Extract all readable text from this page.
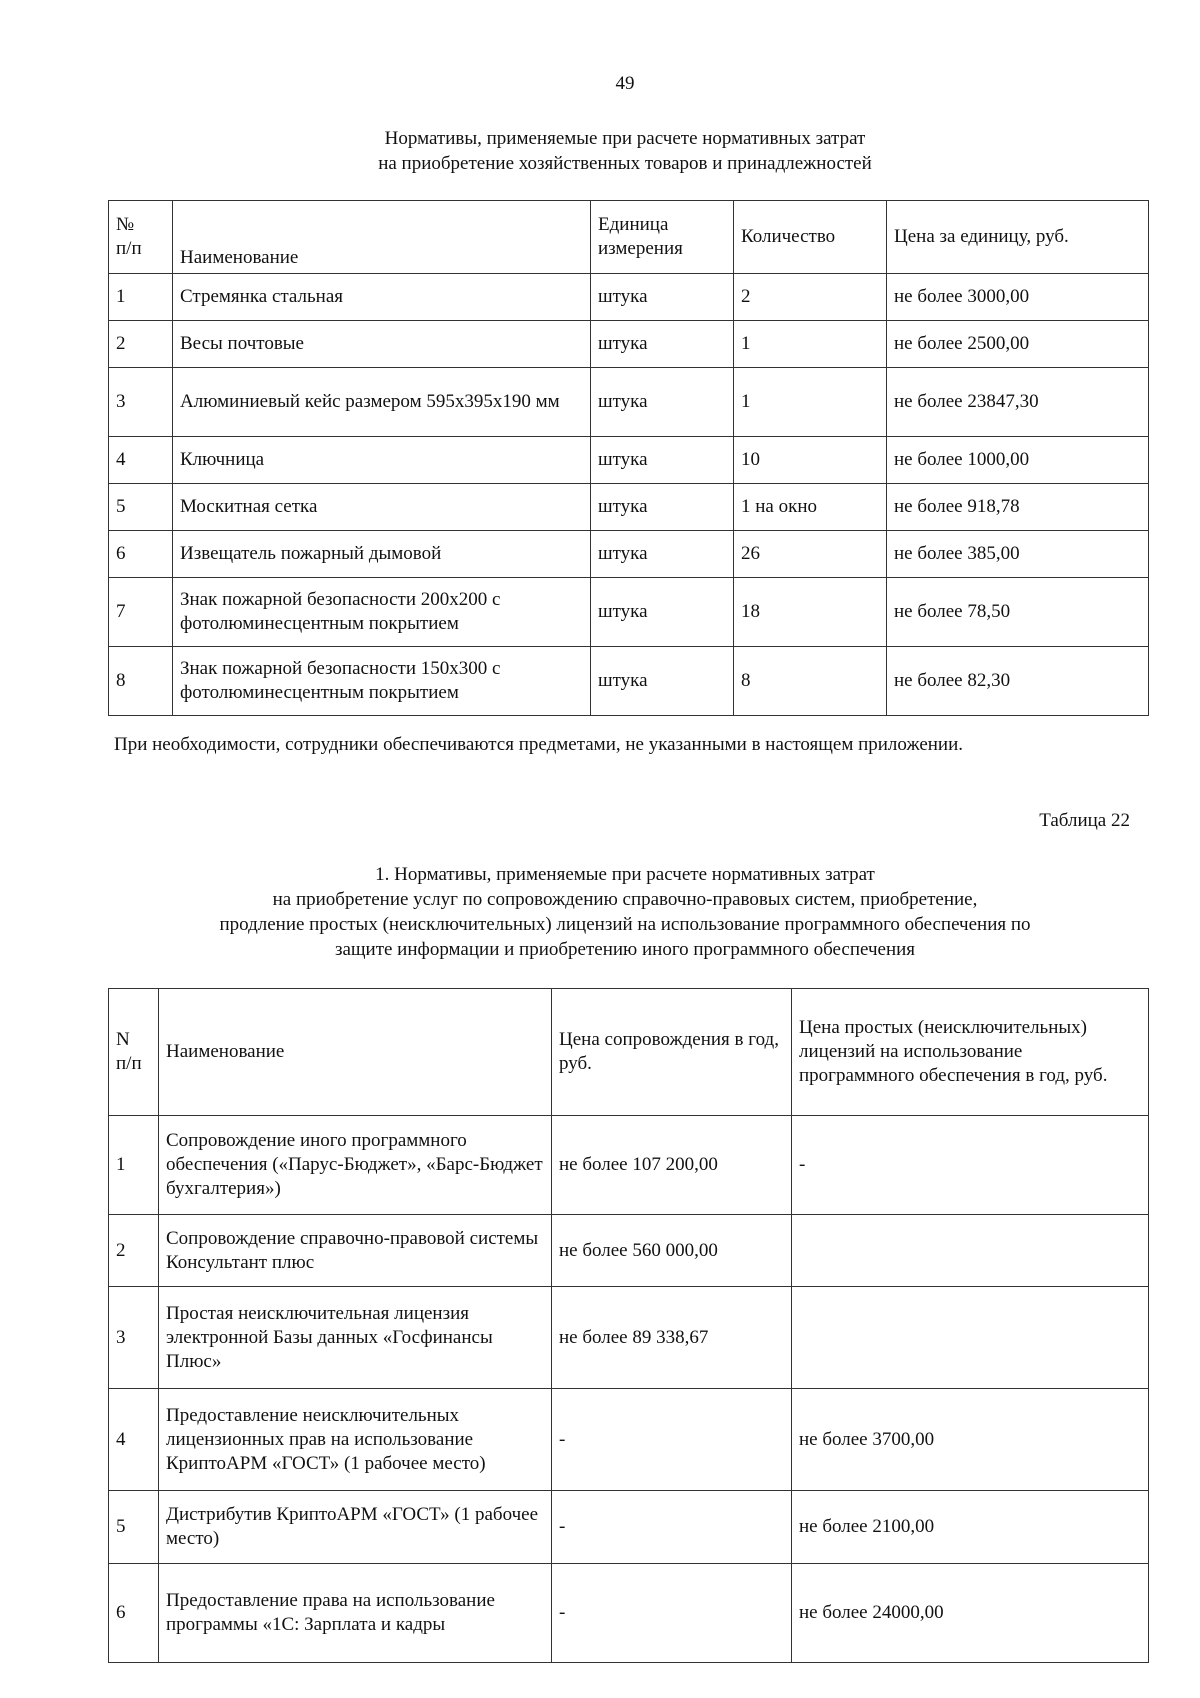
49
Нормативы, применяемые при расчете нормативных затрат
на приобретение хозяйственных товаров и принадлежностей
№
п/п	Наименование	Единица измерения	Количество	Цена за единицу, руб.
1	Стремянка стальная	штука	2	не более 3000,00
2	Весы почтовые	штука	1	не более 2500,00
3	Алюминиевый кейс размером 595х395х190 мм	штука	1	не более 23847,30
4	Ключница	штука	10	не более 1000,00
5	Москитная сетка	штука	1 на окно	не более 918,78
6	Извещатель пожарный дымовой	штука	26	не более 385,00
7	Знак пожарной безопасности 200х200 с фотолюминесцентным покрытием	штука	18	не более 78,50
8	Знак пожарной безопасности 150х300 с фотолюминесцентным покрытием	штука	8	не более 82,30
При необходимости, сотрудники обеспечиваются предметами, не указанными в настоящем приложении.
Таблица 22
1. Нормативы, применяемые при расчете нормативных затрат
на приобретение услуг по сопровождению справочно-правовых систем, приобретение,
продление простых (неисключительных) лицензий на использование программного обеспечения по
защите информации и приобретению иного программного обеспечения
N
п/п	Наименование	Цена сопровождения в год, руб.	Цена простых (неисключительных) лицензий на использование программного обеспечения в год, руб.
1	Сопровождение иного программного обеспечения («Парус-Бюджет», «Барс-Бюджет бухгалтерия»)	не более 107 200,00	-
2	Сопровождение справочно-правовой системы Консультант плюс	не более 560 000,00	
3	Простая неисключительная лицензия электронной Базы данных «Госфинансы Плюс»	не более 89 338,67	
4	Предоставление неисключительных лицензионных прав на использование КриптоАРМ «ГОСТ» (1 рабочее место)	-	не более 3700,00
5	Дистрибутив КриптоАРМ «ГОСТ» (1 рабочее место)	-	не более 2100,00
6	Предоставление права на использование программы «1С: Зарплата и кадры	-	не более 24000,00
